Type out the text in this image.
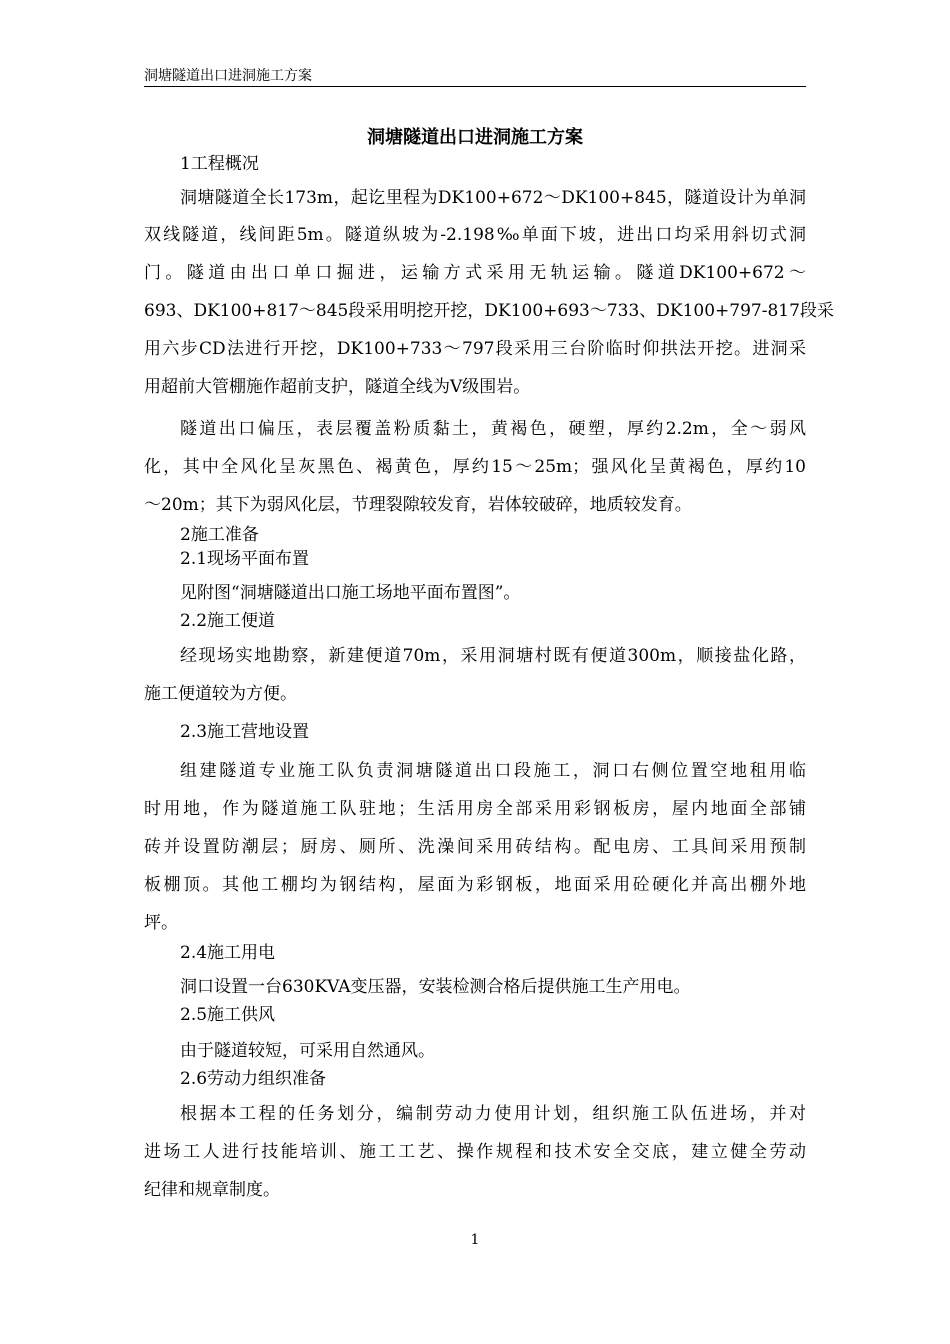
洞塘隧道出口进洞施工方案
洞塘隧道出口进洞施工方案
1工程概况
洞塘隧道全长173m，起讫里程为DK100+672～DK100+845，隧道设计为单洞
双线隧道，线间距5m。隧道纵坡为-2.198‰单面下坡，进出口均采用斜切式洞
门。隧道由出口单口掘进，运输方式采用无轨运输。隧道DK100+672～
693、DK100+817～845段采用明挖开挖，DK100+693～733、DK100+797-817段采
用六步CD法进行开挖，DK100+733～797段采用三台阶临时仰拱法开挖。进洞采
用超前大管棚施作超前支护，隧道全线为Ⅴ级围岩。
隧道出口偏压，表层覆盖粉质黏土，黄褐色，硬塑，厚约2.2m，全～弱风
化，其中全风化呈灰黑色、褐黄色，厚约15～25m；强风化呈黄褐色，厚约10
～20m；其下为弱风化层，节理裂隙较发育，岩体较破碎，地质较发育。
2施工准备
2.1现场平面布置
见附图“洞塘隧道出口施工场地平面布置图”。
2.2施工便道
经现场实地勘察，新建便道70m，采用洞塘村既有便道300m，顺接盐化路，
施工便道较为方便。
2.3施工营地设置
组建隧道专业施工队负责洞塘隧道出口段施工，洞口右侧位置空地租用临
时用地，作为隧道施工队驻地；生活用房全部采用彩钢板房，屋内地面全部铺
砖并设置防潮层；厨房、厕所、洗澡间采用砖结构。配电房、工具间采用预制
板棚顶。其他工棚均为钢结构，屋面为彩钢板，地面采用砼硬化并高出棚外地
坪。
2.4施工用电
洞口设置一台630KVA变压器，安装检测合格后提供施工生产用电。
2.5施工供风
由于隧道较短，可采用自然通风。
2.6劳动力组织准备
根据本工程的任务划分，编制劳动力使用计划，组织施工队伍进场，并对
进场工人进行技能培训、施工工艺、操作规程和技术安全交底，建立健全劳动
纪律和规章制度。
1
